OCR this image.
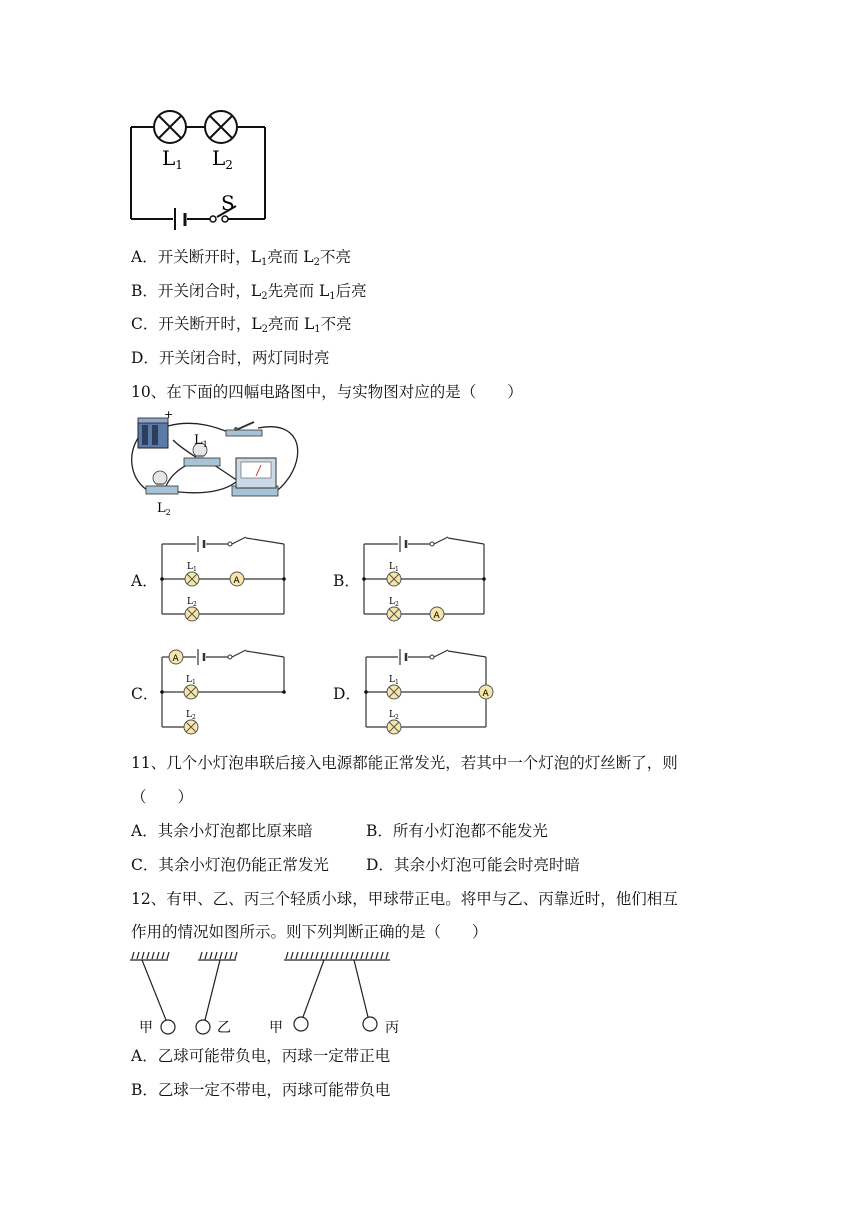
$L_1$ $L_2$
S
A．开关断开时，$L_1$亮而 $L_2$不亮
B．开关闭合时，$L_2$先亮而 $L_1$后亮
C．开关断开时，$L_2$亮而 $L_1$不亮
D．开关闭合时，两灯同时亮
10、在下面的四幅电路图中，与实物图对应的是（　　）
+
$L_1$
$L_2$
A．	B．
C．	D．
A
$L_1$
$L_2$
A
$L_1$
$L_2$
A
$L_1$
$L_2$
A
$L_1$
$L_2$
11、几个小灯泡串联后接入电源都能正常发光，若其中一个灯泡的灯丝断了，则
（　　）
A．其余小灯泡都比原来暗	B．所有小灯泡都不能发光
C．其余小灯泡仍能正常发光 D．其余小灯泡可能会时亮时暗
12、有甲、乙、丙三个轻质小球，甲球带正电。将甲与乙、丙靠近时，他们相互
作用的情况如图所示。则下列判断正确的是（　　）
甲	乙	甲	丙
A．乙球可能带负电，丙球一定带正电
B．乙球一定不带电，丙球可能带负电
